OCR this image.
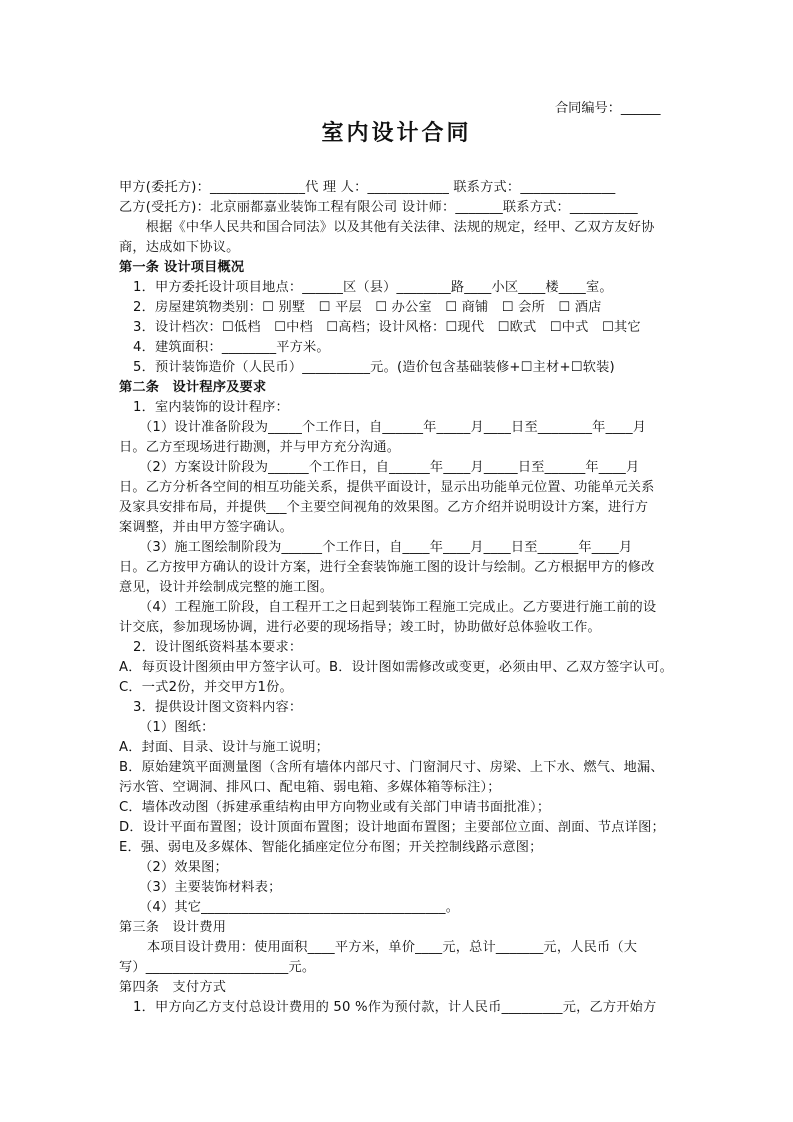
合同编号：______
室内设计合同
甲方(委托方)：______________代 理 人：____________ 联系方式：______________
乙方(受托方)：北京丽都嘉业装饰工程有限公司 设计师：_______联系方式：__________
　　根据《中华人民共和国合同法》以及其他有关法律、法规的规定，经甲、乙双方友好协
商，达成如下协议。
第一条 设计项目概况
1．甲方委托设计项目地点：______区（县）________路____小区____楼____室。
2．房屋建筑物类别：☐ 别墅　☐ 平层　☐ 办公室　☐ 商铺　☐ 会所　☐ 酒店
3．设计档次：☐低档　☐中档　☐高档；设计风格：☐现代　☐欧式　☐中式　☐其它
4．建筑面积：________平方米。
5．预计装饰造价（人民币）__________元。(造价包含基础装修+☐主材+☐软装)
第二条　设计程序及要求
1．室内装饰的设计程序：
（1）设计准备阶段为_____个工作日，自______年_____月____日至________年____月
日。乙方至现场进行勘测，并与甲方充分沟通。
（2）方案设计阶段为______个工作日，自______年____月_____日至______年____月
日。乙方分析各空间的相互功能关系，提供平面设计，显示出功能单元位置、功能单元关系
及家具安排布局，并提供___个主要空间视角的效果图。乙方介绍并说明设计方案，进行方
案调整，并由甲方签字确认。
（3）施工图绘制阶段为______个工作日，自____年____月____日至______年____月
日。乙方按甲方确认的设计方案，进行全套装饰施工图的设计与绘制。乙方根据甲方的修改
意见，设计并绘制成完整的施工图。
（4）工程施工阶段，自工程开工之日起到装饰工程施工完成止。乙方要进行施工前的设
计交底，参加现场协调，进行必要的现场指导；竣工时，协助做好总体验收工作。
2．设计图纸资料基本要求：
A．每页设计图须由甲方签字认可。B．设计图如需修改或变更，必须由甲、乙双方签字认可。
C．一式2份，并交甲方1份。
3．提供设计图文资料内容：
（1）图纸：
A．封面、目录、设计与施工说明；
B．原始建筑平面测量图（含所有墙体内部尺寸、门窗洞尺寸、房梁、上下水、燃气、地漏、
污水管、空调洞、排风口、配电箱、弱电箱、多媒体箱等标注）；
C．墙体改动图（拆建承重结构由甲方向物业或有关部门申请书面批准）；
D．设计平面布置图；设计顶面布置图；设计地面布置图；主要部位立面、剖面、节点详图；
E．强、弱电及多媒体、智能化插座定位分布图；开关控制线路示意图；
（2）效果图；
（3）主要装饰材料表；
（4）其它____________________________________。
第三条　设计费用
本项目设计费用：使用面积____平方米，单价____元，总计_______元，人民币（大
写）_____________________元。
第四条　支付方式
1．甲方向乙方支付总设计费用的 50 %作为预付款，计人民币_________元，乙方开始方
